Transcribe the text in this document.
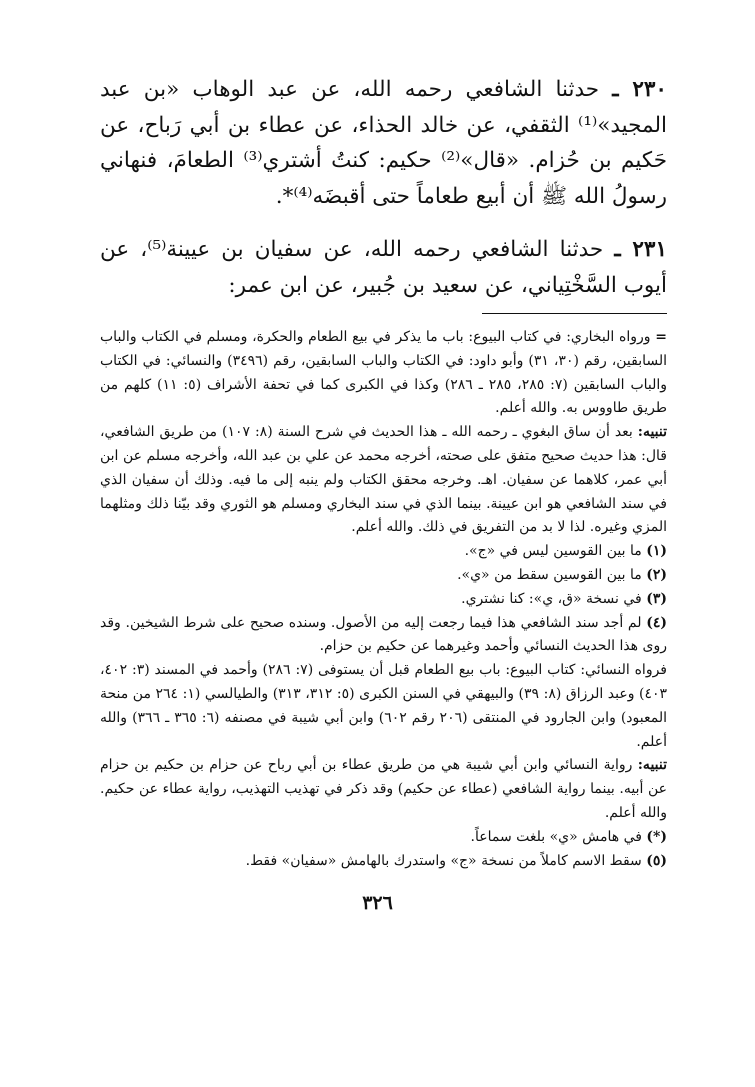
٢٣٠ ـ حدثنا الشافعي رحمه الله، عن عبد الوهاب «بن عبد المجيد»⁽¹⁾ الثقفي، عن خالد الحذاء، عن عطاء بن أبي رَباح، عن حَكيم بن حُزام. «قال»⁽²⁾ حكيم: كنتُ أشتري⁽³⁾ الطعامَ، فنهاني رسولُ الله ﷺ أن أبيع طعاماً حتى أقبضَه⁽⁴⁾*.

٢٣١ ـ حدثنا الشافعي رحمه الله، عن سفيان بن عيينة⁽⁵⁾، عن أيوب السَّخْتِياني، عن سعيد بن جُبير، عن ابن عمر:

= ورواه البخاري: في كتاب البيوع: باب ما يذكر في بيع الطعام والحكرة، ومسلم في الكتاب والباب السابقين، رقم (٣٠، ٣١) وأبو داود: في الكتاب والباب السابقين، رقم (٣٤٩٦) والنسائي: في الكتاب والباب السابقين (٧: ٢٨٥، ٢٨٥ ـ ٢٨٦) وكذا في الكبرى كما في تحفة الأشراف (٥: ١١) كلهم من طريق طاووس به. والله أعلم.

تنبيه: بعد أن ساق البغوي ـ رحمه الله ـ هذا الحديث في شرح السنة (٨: ١٠٧) من طريق الشافعي، قال: هذا حديث صحيح متفق على صحته، أخرجه محمد عن علي بن عبد الله، وأخرجه مسلم عن ابن أبي عمر، كلاهما عن سفيان. اهـ. وخرجه محقق الكتاب ولم ينبه إلى ما فيه. وذلك أن سفيان الذي في سند الشافعي هو ابن عيينة. بينما الذي في سند البخاري ومسلم هو الثوري وقد بيّنا ذلك ومثلهما المزي وغيره. لذا لا بد من التفريق في ذلك. والله أعلم.

(١) ما بين القوسين ليس في «ج».

(٢) ما بين القوسين سقط من «ي».

(٣) في نسخة «ق، ي»: كنا نشتري.

(٤) لم أجد سند الشافعي هذا فيما رجعت إليه من الأصول. وسنده صحيح على شرط الشيخين. وقد روى هذا الحديث النسائي وأحمد وغيرهما عن حكيم بن حزام.

فرواه النسائي: كتاب البيوع: باب بيع الطعام قبل أن يستوفى (٧: ٢٨٦) وأحمد في المسند (٣: ٤٠٢، ٤٠٣) وعبد الرزاق (٨: ٣٩) والبيهقي في السنن الكبرى (٥: ٣١٢، ٣١٣) والطيالسي (١: ٢٦٤ من منحة المعبود) وابن الجارود في المنتقى (٢٠٦ رقم ٦٠٢) وابن أبي شيبة في مصنفه (٦: ٣٦٥ ـ ٣٦٦) والله أعلم.

تنبيه: رواية النسائي وابن أبي شيبة هي من طريق عطاء بن أبي رباح عن حزام بن حكيم بن حزام عن أبيه. بينما رواية الشافعي (عطاء عن حكيم) وقد ذكر في تهذيب التهذيب، رواية عطاء عن حكيم. والله أعلم.

(*) في هامش «ي» بلغت سماعاً.

(٥) سقط الاسم كاملاً من نسخة «ج» واستدرك بالهامش «سفيان» فقط.

٣٢٦
